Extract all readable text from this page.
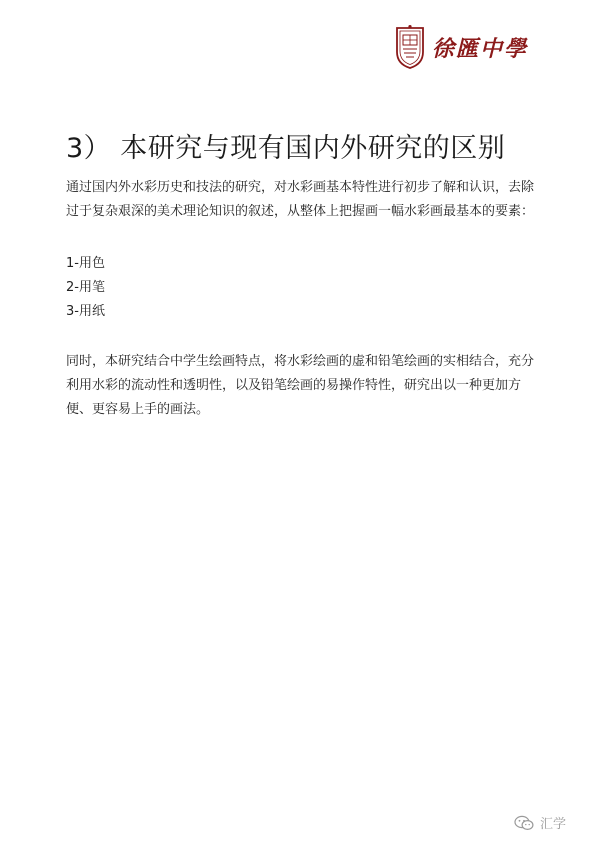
徐匯中學
3） 本研究与现有国内外研究的区别

通过国内外水彩历史和技法的研究，对水彩画基本特性进行初步了解和认识，去除过于复杂艰深的美术理论知识的叙述，从整体上把握画一幅水彩画最基本的要素：

1-用色
2-用笔
3-用纸

同时，本研究结合中学生绘画特点，将水彩绘画的虚和铅笔绘画的实相结合，充分利用水彩的流动性和透明性，以及铅笔绘画的易操作特性，研究出以一种更加方便、更容易上手的画法。

汇学
